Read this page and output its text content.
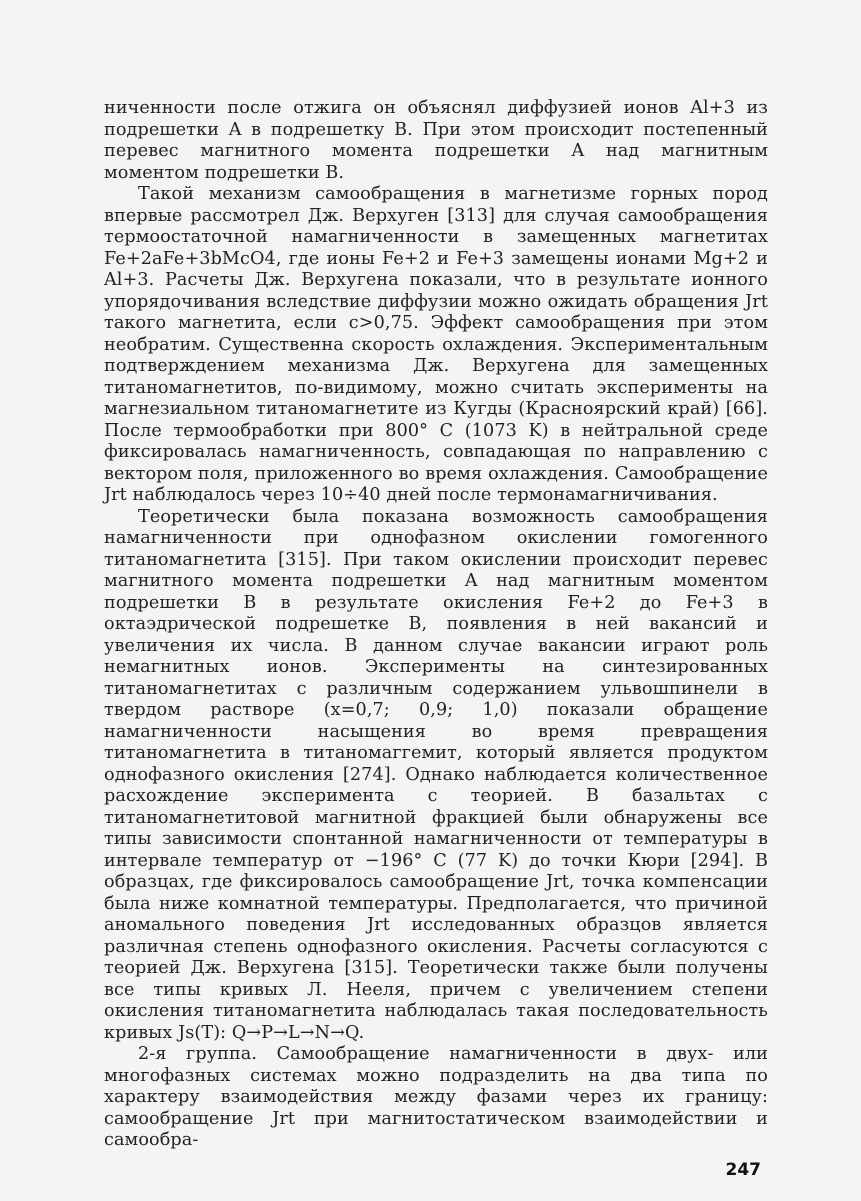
ниченности после отжига он объяснял диффузией ионов Al+3 из подрешетки A в подрешетку B. При этом происходит постепенный перевес магнитного момента подрешетки A над магнитным моментом подрешетки B.

Такой механизм самообращения в магнетизме горных пород впервые рассмотрел Дж. Верхуген [313] для случая самообращения термоостаточной намагниченности в замещенных магнетитах Fe+2aFe+3bMcO4, где ионы Fe+2 и Fe+3 замещены ионами Mg+2 и Al+3. Расчеты Дж. Верхугена показали, что в результате ионного упорядочивания вследствие диффузии можно ожидать обращения Jrt такого магнетита, если c>0,75. Эффект самообращения при этом необратим. Существенна скорость охлаждения. Экспериментальным подтверждением механизма Дж. Верхугена для замещенных титаномагнетитов, по-видимому, можно считать эксперименты на магнезиальном титаномагнетите из Кугды (Красноярский край) [66]. После термообработки при 800° C (1073 K) в нейтральной среде фиксировалась намагниченность, совпадающая по направлению с вектором поля, приложенного во время охлаждения. Самообращение Jrt наблюдалось через 10÷40 дней после термонамагничивания.

Теоретически была показана возможность самообращения намагниченности при однофазном окислении гомогенного титаномагнетита [315]. При таком окислении происходит перевес магнитного момента подрешетки A над магнитным моментом подрешетки B в результате окисления Fe+2 до Fe+3 в октаэдрической подрешетке B, появления в ней вакансий и увеличения их числа. В данном случае вакансии играют роль немагнитных ионов. Эксперименты на синтезированных титаномагнетитах с различным содержанием ульвошпинели в твердом растворе (x=0,7; 0,9; 1,0) показали обращение намагниченности насыщения во время превращения титаномагнетита в титаномаггемит, который является продуктом однофазного окисления [274]. Однако наблюдается количественное расхождение эксперимента с теорией. В базальтах с титаномагнетитовой магнитной фракцией были обнаружены все типы зависимости спонтанной намагниченности от температуры в интервале температур от −196° C (77 K) до точки Кюри [294]. В образцах, где фиксировалось самообращение Jrt, точка компенсации была ниже комнатной температуры. Предполагается, что причиной аномального поведения Jrt исследованных образцов является различная степень однофазного окисления. Расчеты согласуются с теорией Дж. Верхугена [315]. Теоретически также были получены все типы кривых Л. Нееля, причем с увеличением степени окисления титаномагнетита наблюдалась такая последовательность кривых Js(T): Q→P→L→N→Q.

2-я группа. Самообращение намагниченности в двух- или многофазных системах можно подразделить на два типа по характеру взаимодействия между фазами через их границу: самообращение Jrt при магнитостатическом взаимодействии и самообра-

247
